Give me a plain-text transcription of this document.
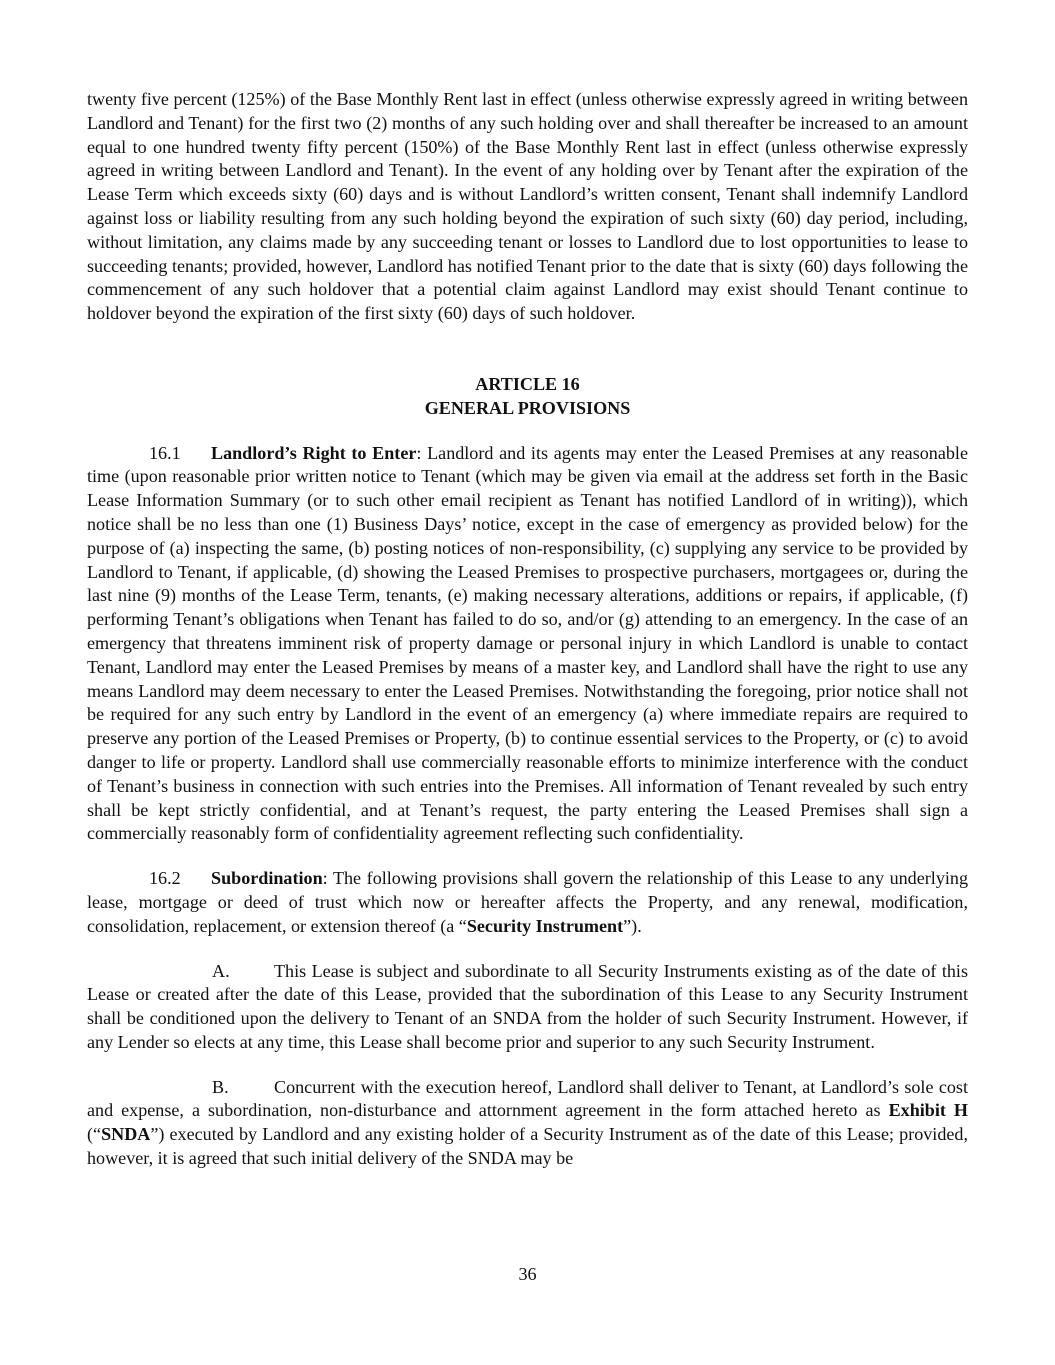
twenty five percent (125%) of the Base Monthly Rent last in effect (unless otherwise expressly agreed in writing between Landlord and Tenant) for the first two (2) months of any such holding over and shall thereafter be increased to an amount equal to one hundred twenty fifty percent (150%) of the Base Monthly Rent last in effect (unless otherwise expressly agreed in writing between Landlord and Tenant). In the event of any holding over by Tenant after the expiration of the Lease Term which exceeds sixty (60) days and is without Landlord’s written consent, Tenant shall indemnify Landlord against loss or liability resulting from any such holding beyond the expiration of such sixty (60) day period, including, without limitation, any claims made by any succeeding tenant or losses to Landlord due to lost opportunities to lease to succeeding tenants; provided, however, Landlord has notified Tenant prior to the date that is sixty (60) days following the commencement of any such holdover that a potential claim against Landlord may exist should Tenant continue to holdover beyond the expiration of the first sixty (60) days of such holdover.

ARTICLE 16
GENERAL PROVISIONS

16.1 Landlord’s Right to Enter: Landlord and its agents may enter the Leased Premises at any reasonable time (upon reasonable prior written notice to Tenant (which may be given via email at the address set forth in the Basic Lease Information Summary (or to such other email recipient as Tenant has notified Landlord of in writing)), which notice shall be no less than one (1) Business Days’ notice, except in the case of emergency as provided below) for the purpose of (a) inspecting the same, (b) posting notices of non-responsibility, (c) supplying any service to be provided by Landlord to Tenant, if applicable, (d) showing the Leased Premises to prospective purchasers, mortgagees or, during the last nine (9) months of the Lease Term, tenants, (e) making necessary alterations, additions or repairs, if applicable, (f) performing Tenant’s obligations when Tenant has failed to do so, and/or (g) attending to an emergency. In the case of an emergency that threatens imminent risk of property damage or personal injury in which Landlord is unable to contact Tenant, Landlord may enter the Leased Premises by means of a master key, and Landlord shall have the right to use any means Landlord may deem necessary to enter the Leased Premises. Notwithstanding the foregoing, prior notice shall not be required for any such entry by Landlord in the event of an emergency (a) where immediate repairs are required to preserve any portion of the Leased Premises or Property, (b) to continue essential services to the Property, or (c) to avoid danger to life or property. Landlord shall use commercially reasonable efforts to minimize interference with the conduct of Tenant’s business in connection with such entries into the Premises. All information of Tenant revealed by such entry shall be kept strictly confidential, and at Tenant’s request, the party entering the Leased Premises shall sign a commercially reasonably form of confidentiality agreement reflecting such confidentiality.

16.2 Subordination: The following provisions shall govern the relationship of this Lease to any underlying lease, mortgage or deed of trust which now or hereafter affects the Property, and any renewal, modification, consolidation, replacement, or extension thereof (a “Security Instrument”).

A. This Lease is subject and subordinate to all Security Instruments existing as of the date of this Lease or created after the date of this Lease, provided that the subordination of this Lease to any Security Instrument shall be conditioned upon the delivery to Tenant of an SNDA from the holder of such Security Instrument. However, if any Lender so elects at any time, this Lease shall become prior and superior to any such Security Instrument.

B.	Concurrent with the execution hereof, Landlord shall deliver to Tenant, at Landlord’s sole cost and expense, a subordination, non-disturbance and attornment agreement in the form attached hereto as Exhibit H (“SNDA”) executed by Landlord and any existing holder of a Security Instrument as of the date of this Lease; provided, however, it is agreed that such initial delivery of the SNDA may be

36
